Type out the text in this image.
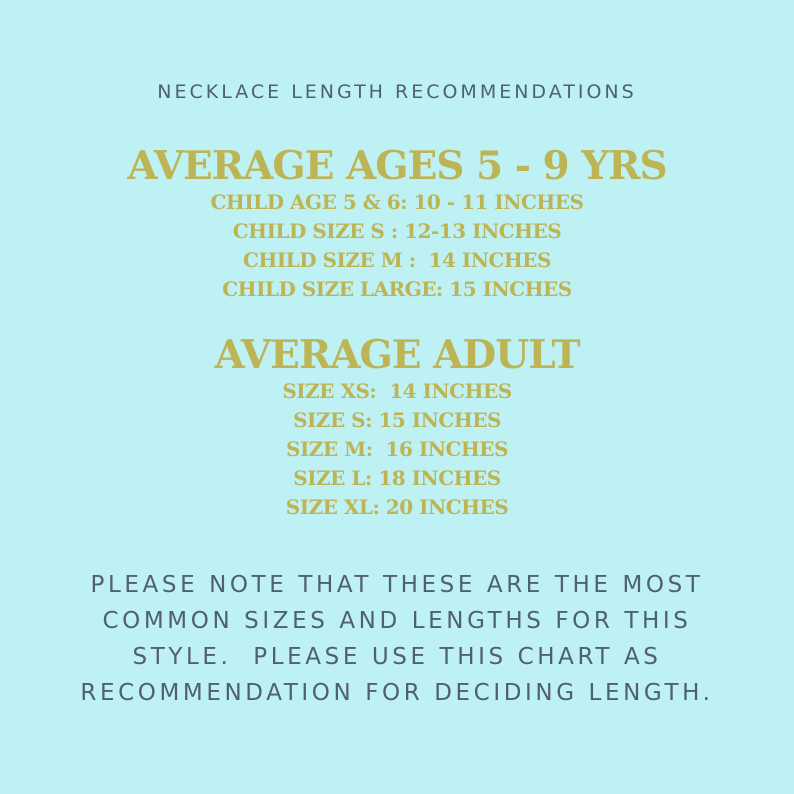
NECKLACE LENGTH RECOMMENDATIONS
AVERAGE AGES 5 - 9 YRS
CHILD AGE 5 & 6: 10 - 11 INCHES
CHILD SIZE S : 12-13 INCHES
CHILD SIZE M :  14 INCHES
CHILD SIZE LARGE: 15 INCHES
AVERAGE ADULT
SIZE XS:  14 INCHES
SIZE S: 15 INCHES
SIZE M:  16 INCHES
SIZE L: 18 INCHES
SIZE XL: 20 INCHES
PLEASE NOTE THAT THESE ARE THE MOST COMMON SIZES AND LENGTHS FOR THIS STYLE.  PLEASE USE THIS CHART AS RECOMMENDATION FOR DECIDING LENGTH.
